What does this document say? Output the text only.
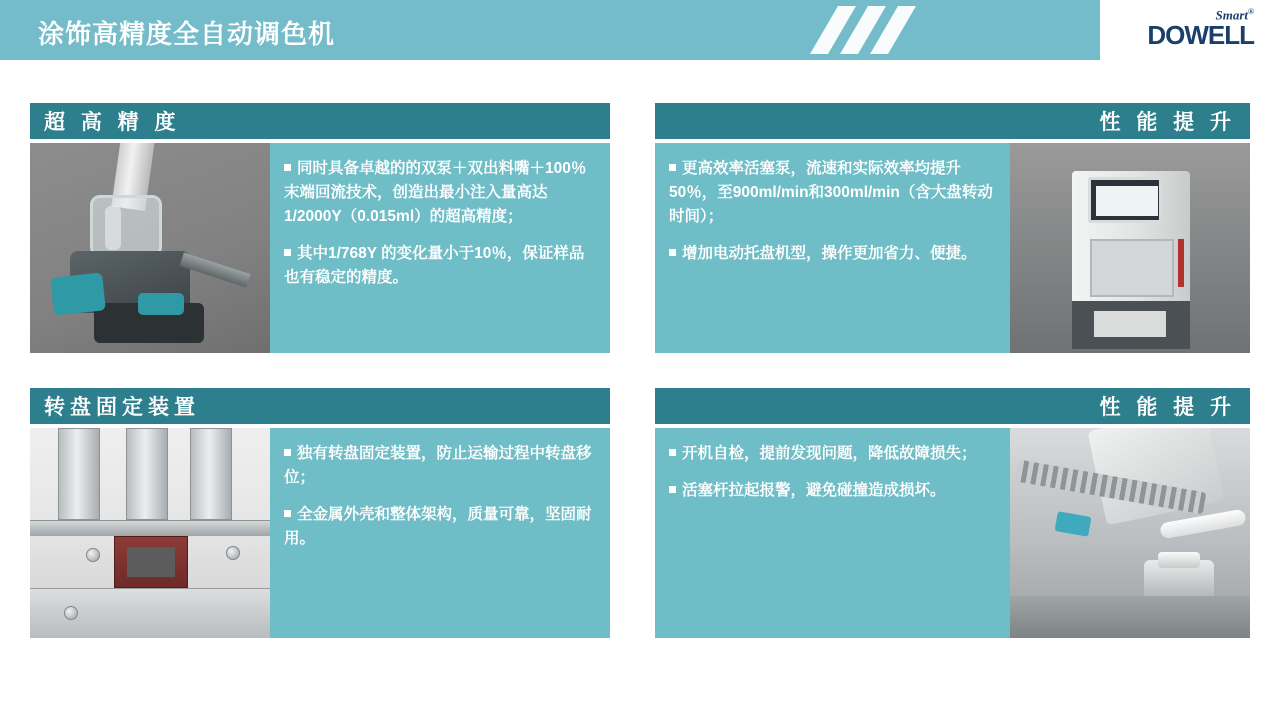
涂饰高精度全自动调色机
Smart®
DOWELL
超 高 精 度

同时具备卓越的的双泵＋双出料嘴＋100％末端回流技术，创造出最小注入量高达1/2000Y（0.015ml）的超高精度；

其中1/768Y 的变化量小于10％，保证样品也有稳定的精度。

性 能 提 升

更高效率活塞泵，流速和实际效率均提升50％，至900ml/min和300ml/min（含大盘转动时间）；

增加电动托盘机型，操作更加省力、便捷。

转盘固定装置

独有转盘固定装置，防止运输过程中转盘移位；

全金属外壳和整体架构，质量可靠，坚固耐用。

性 能 提 升

开机自检，提前发现问题，降低故障损失；

活塞杆拉起报警，避免碰撞造成损坏。
